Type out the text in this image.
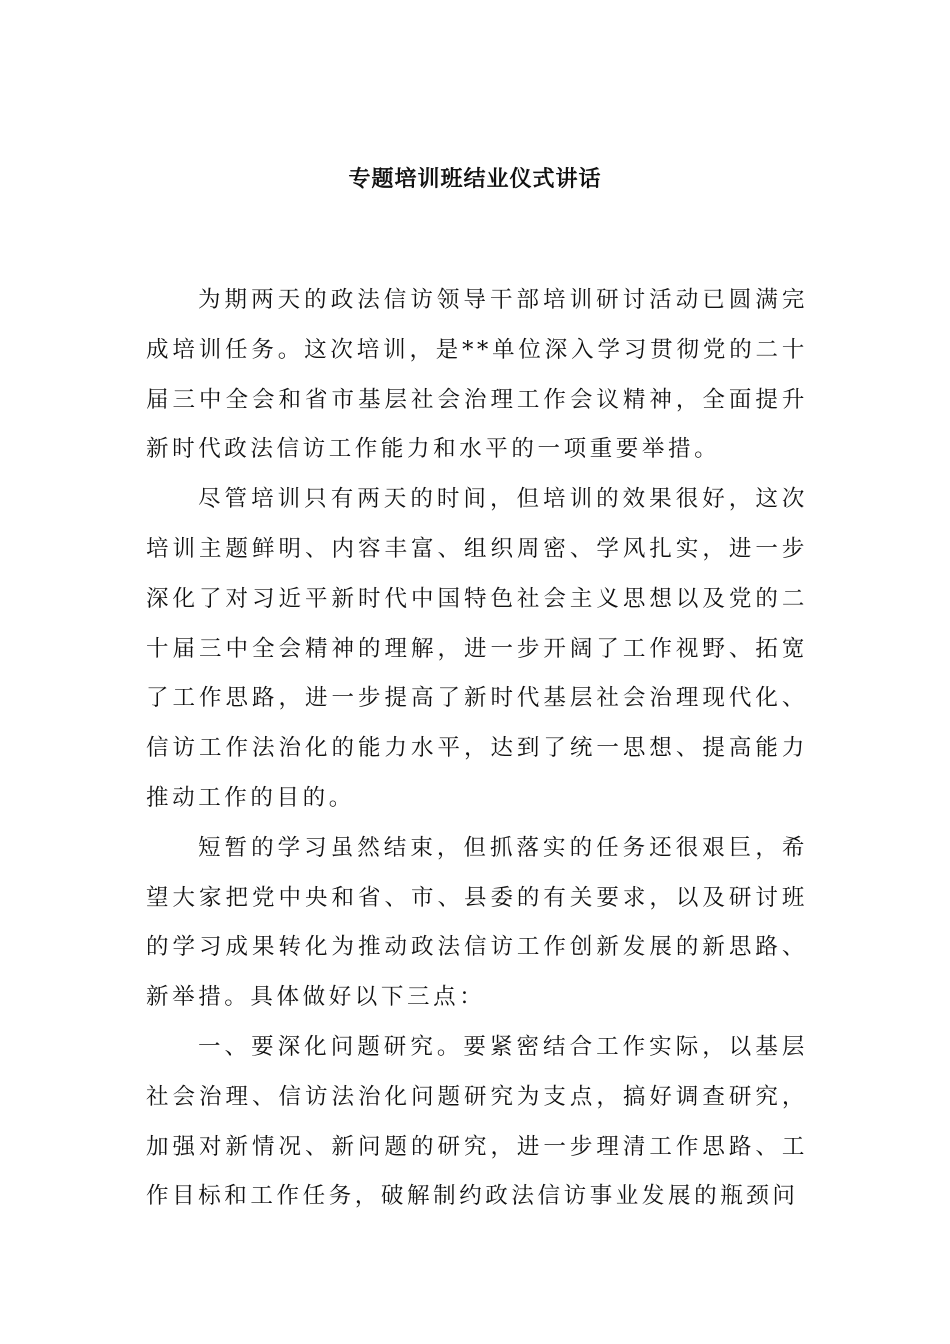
专题培训班结业仪式讲话

为期两天的政法信访领导干部培训研讨活动已圆满完成培训任务。这次培训，是**单位深入学习贯彻党的二十届三中全会和省市基层社会治理工作会议精神，全面提升新时代政法信访工作能力和水平的一项重要举措。

尽管培训只有两天的时间，但培训的效果很好，这次培训主题鲜明、内容丰富、组织周密、学风扎实，进一步深化了对习近平新时代中国特色社会主义思想以及党的二十届三中全会精神的理解，进一步开阔了工作视野、拓宽了工作思路，进一步提高了新时代基层社会治理现代化、信访工作法治化的能力水平，达到了统一思想、提高能力推动工作的目的。

短暂的学习虽然结束，但抓落实的任务还很艰巨，希望大家把党中央和省、市、县委的有关要求，以及研讨班的学习成果转化为推动政法信访工作创新发展的新思路、新举措。具体做好以下三点：

一、要深化问题研究。要紧密结合工作实际，以基层社会治理、信访法治化问题研究为支点，搞好调查研究，加强对新情况、新问题的研究，进一步理清工作思路、工作目标和工作任务，破解制约政法信访事业发展的瓶颈问
